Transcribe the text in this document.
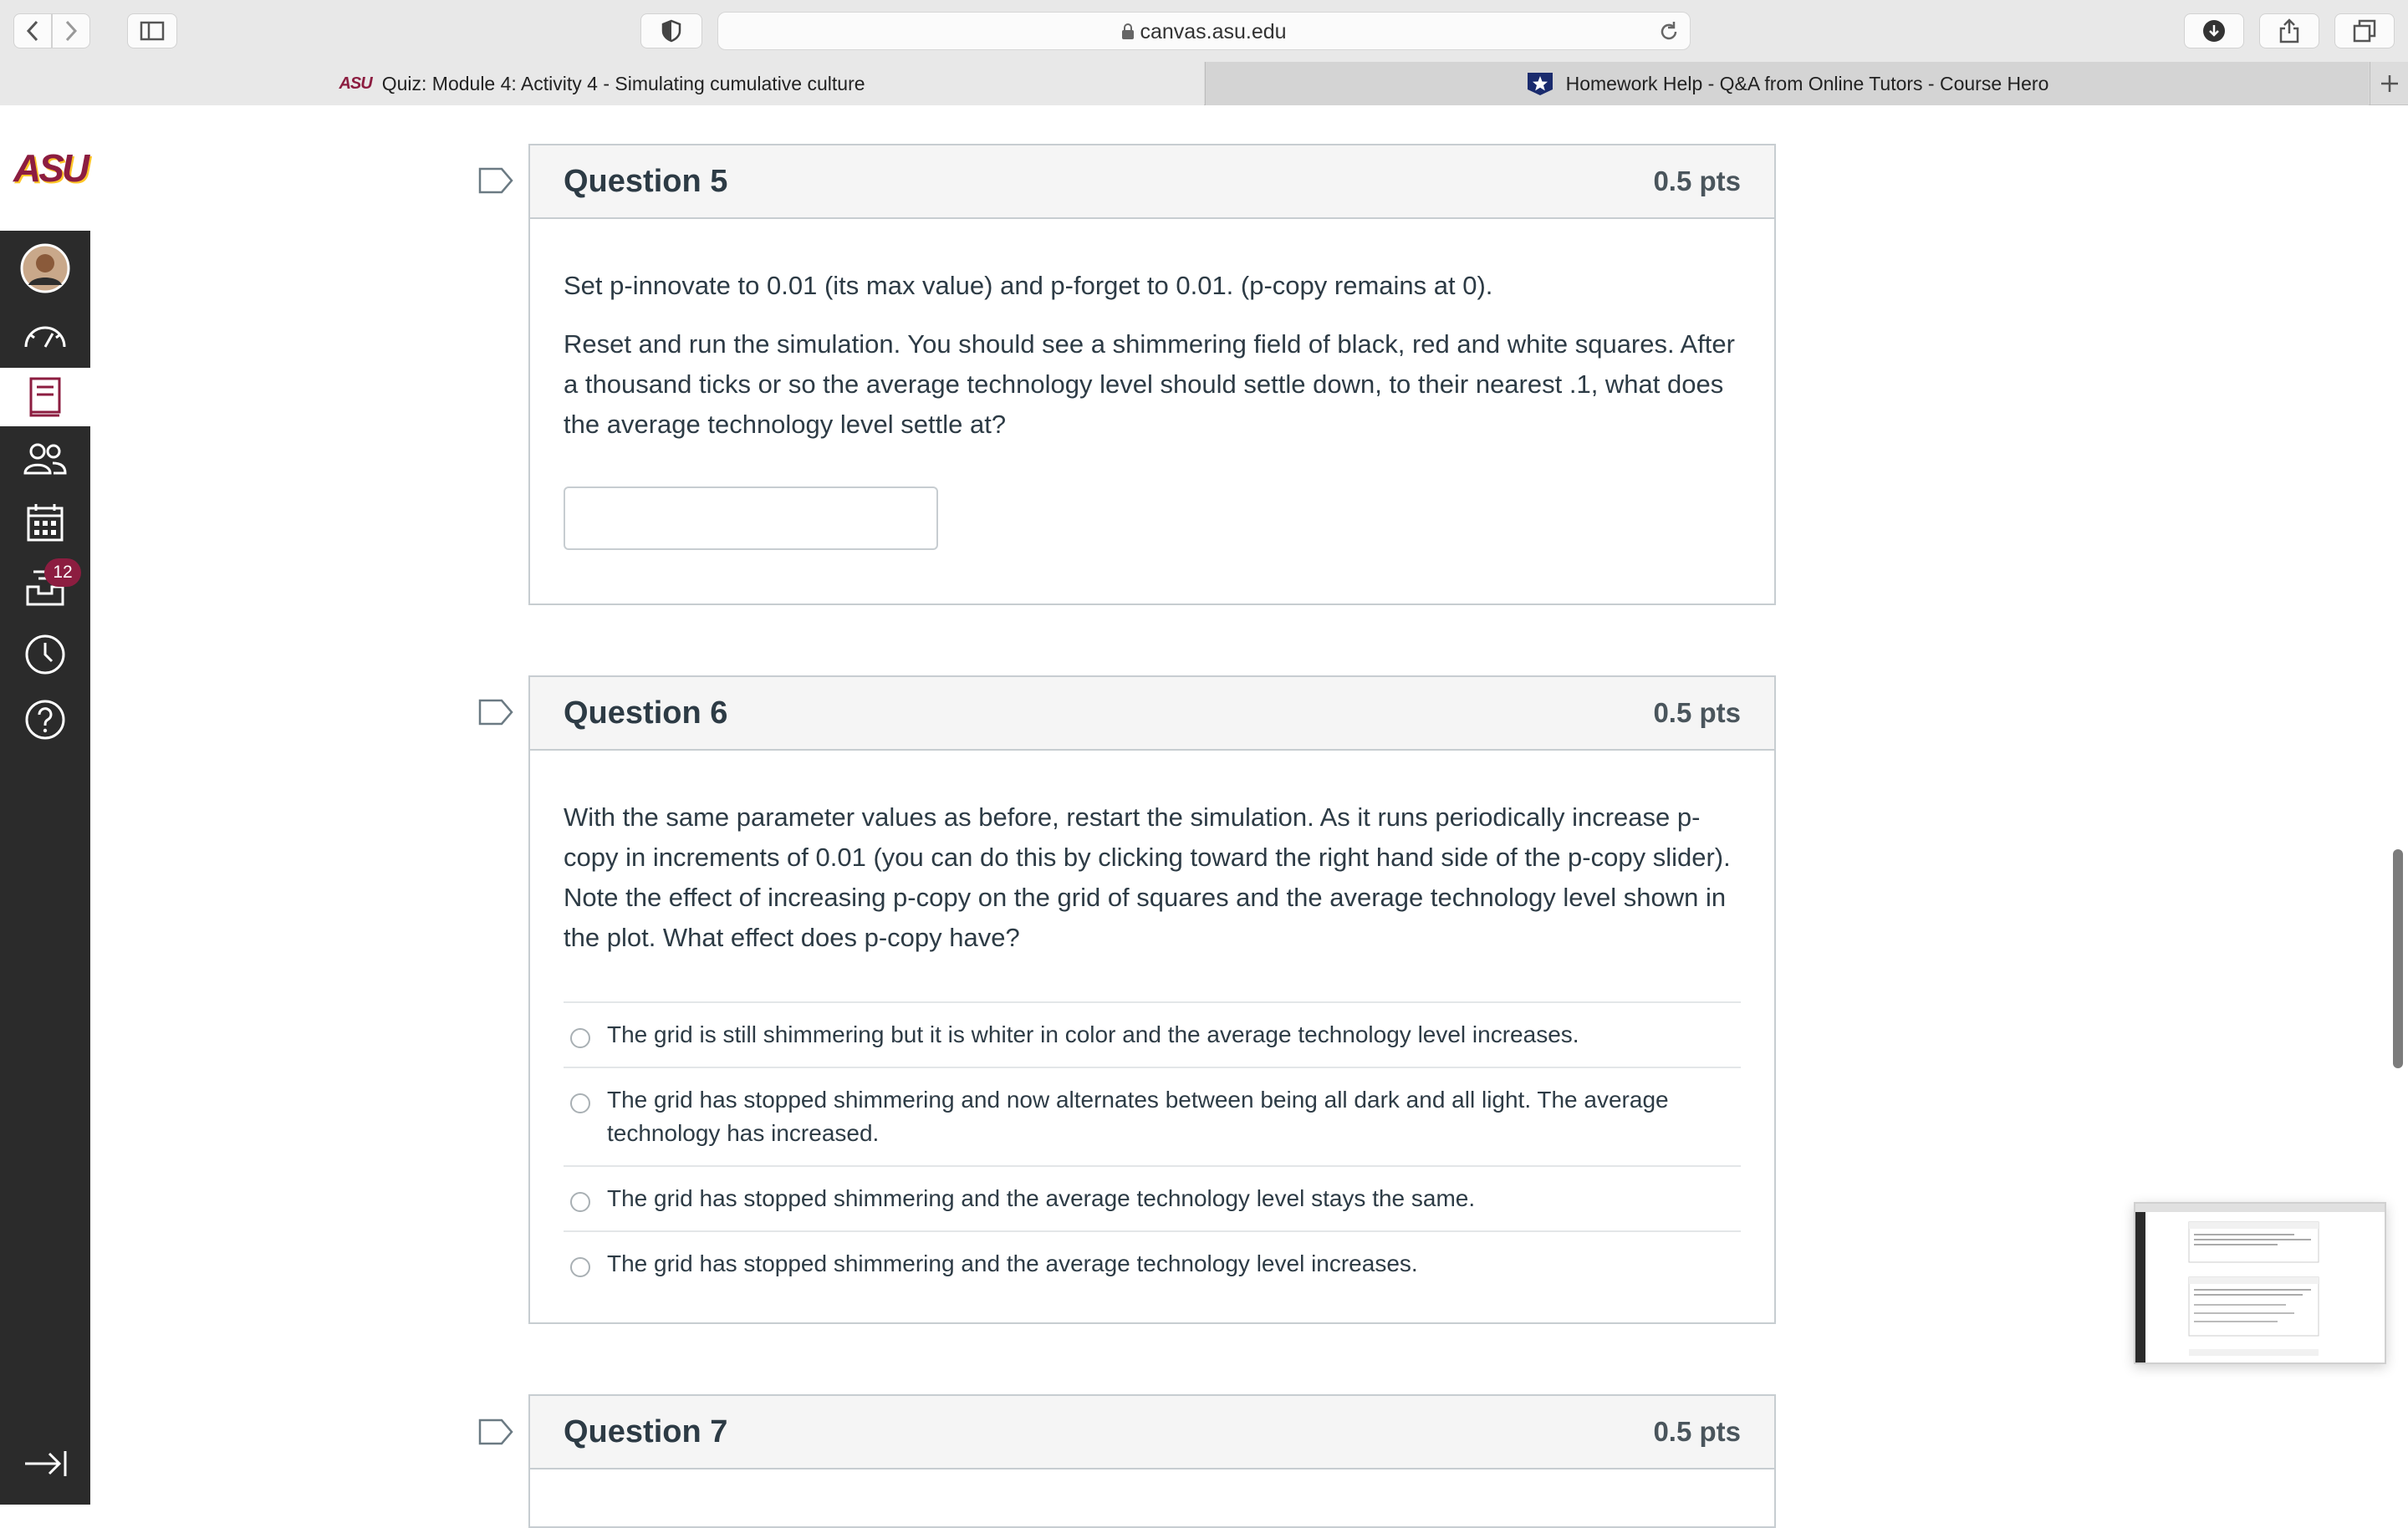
canvas.asu.edu
ASU Quiz: Module 4: Activity 4 - Simulating cumulative culture	Homework Help - Q&A from Online Tutors - Course Hero
ASU
12
Question 5	0.5 pts

Set p-innovate to 0.01 (its max value) and p-forget to 0.01. (p-copy remains at 0).

Reset and run the simulation. You should see a shimmering field of black, red and white squares. After a thousand ticks or so the average technology level should settle down, to their nearest .1, what does the average technology level settle at?

Question 6	0.5 pts

With the same parameter values as before, restart the simulation. As it runs periodically increase p-copy in increments of 0.01 (you can do this by clicking toward the right hand side of the p-copy slider). Note the effect of increasing p-copy on the grid of squares and the average technology level shown in the plot. What effect does p-copy have?

The grid is still shimmering but it is whiter in color and the average technology level increases.
The grid has stopped shimmering and now alternates between being all dark and all light. The average technology has increased.
The grid has stopped shimmering and the average technology level stays the same.
The grid has stopped shimmering and the average technology level increases.
Question 7	0.5 pts
